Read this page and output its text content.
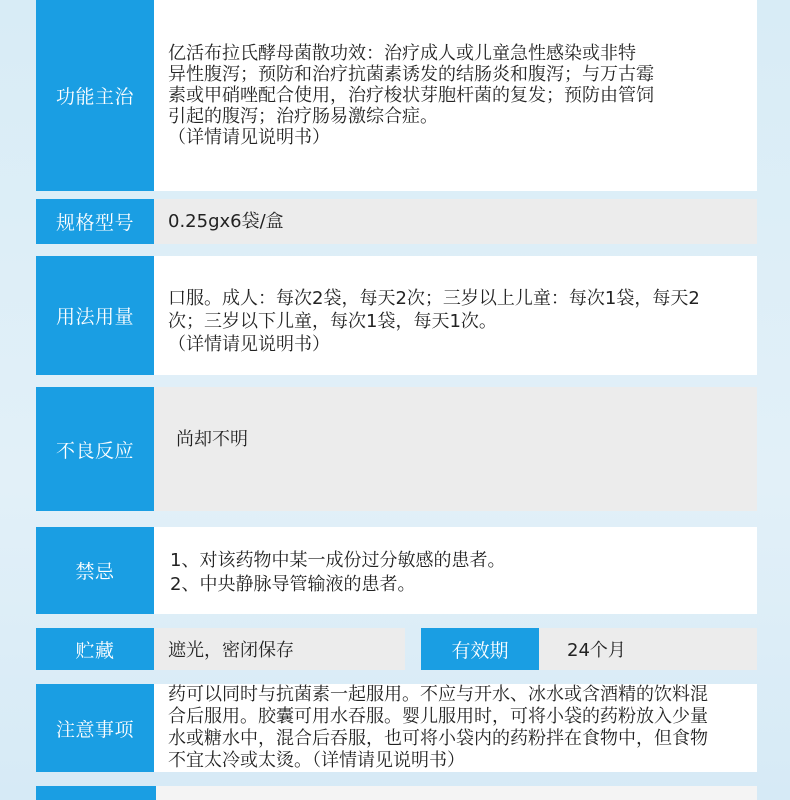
功能主治
亿活布拉氏酵母菌散功效：治疗成人或儿童急性感染或非特
异性腹泻；预防和治疗抗菌素诱发的结肠炎和腹泻；与万古霉
素或甲硝唑配合使用，治疗梭状芽胞杆菌的复发；预防由管饲
引起的腹泻；治疗肠易激综合症。
（详情请见说明书）
规格型号	0.25gx6袋/盒
用法用量
口服。成人：每次2袋，每天2次；三岁以上儿童：每次1袋，每天2
次；三岁以下儿童，每次1袋，每天1次。
（详情请见说明书）
不良反应	尚却不明
禁忌
1、对该药物中某一成份过分敏感的患者。
2、中央静脉导管输液的患者。
贮藏	遮光，密闭保存	有效期	24个月
注意事项
药可以同时与抗菌素一起服用。不应与开水、冰水或含酒精的饮料混
合后服用。胶囊可用水吞服。婴儿服用时，可将小袋的药粉放入少量
水或糖水中，混合后吞服，也可将小袋内的药粉拌在食物中，但食物
不宜太冷或太烫。（详情请见说明书）
